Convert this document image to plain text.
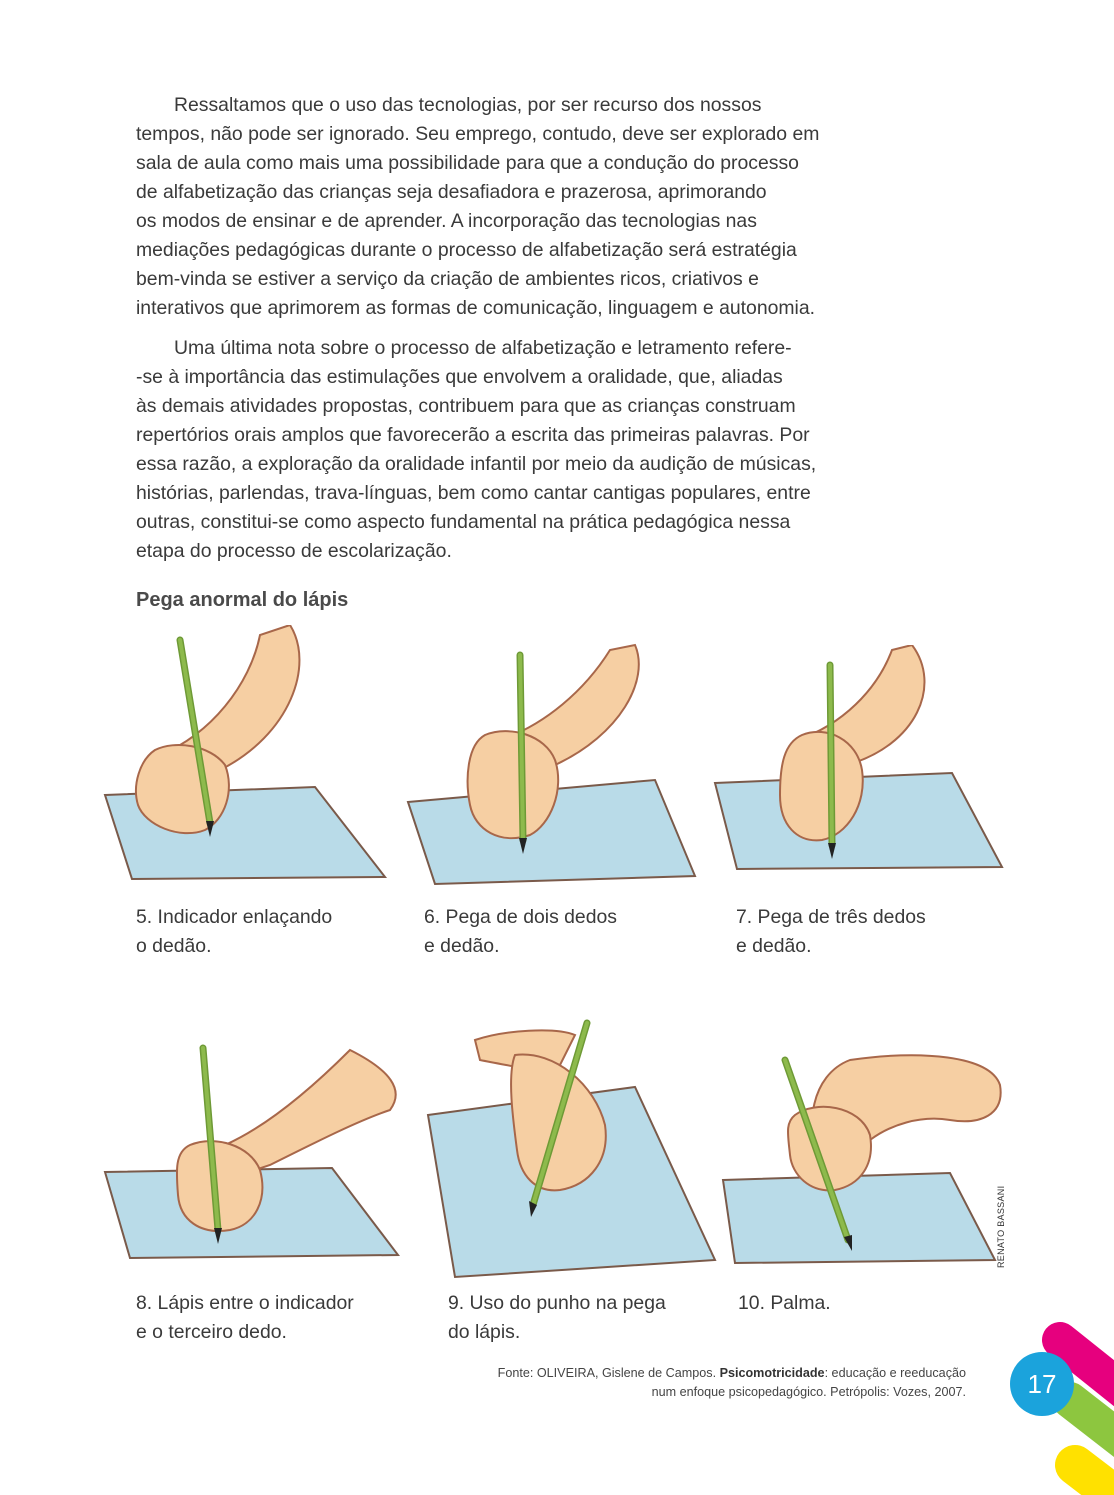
Ressaltamos que o uso das tecnologias, por ser recurso dos nossos
tempos, não pode ser ignorado. Seu emprego, contudo, deve ser explorado em
sala de aula como mais uma possibilidade para que a condução do processo
de alfabetização das crianças seja desafiadora e prazerosa, aprimorando
os modos de ensinar e de aprender. A incorporação das tecnologias nas
mediações pedagógicas durante o processo de alfabetização será estratégia
bem-vinda se estiver a serviço da criação de ambientes ricos, criativos e
interativos que aprimorem as formas de comunicação, linguagem e autonomia.

Uma última nota sobre o processo de alfabetização e letramento refere-
-se à importância das estimulações que envolvem a oralidade, que, aliadas
às demais atividades propostas, contribuem para que as crianças construam
repertórios orais amplos que favorecerão a escrita das primeiras palavras. Por
essa razão, a exploração da oralidade infantil por meio da audição de músicas,
histórias, parlendas, trava-línguas, bem como cantar cantigas populares, entre
outras, constitui-se como aspecto fundamental na prática pedagógica nessa
etapa do processo de escolarização.

Pega anormal do lápis

5. Indicador enlaçando
o dedão.

6. Pega de dois dedos
e dedão.

7. Pega de três dedos
e dedão.

8. Lápis entre o indicador
e o terceiro dedo.

9. Uso do punho na pega
do lápis.

10. Palma.

RENATO BASSANI
Fonte: OLIVEIRA, Gislene de Campos. Psicomotricidade: educação e reeducação
num enfoque psicopedagógico. Petrópolis: Vozes, 2007.	17
